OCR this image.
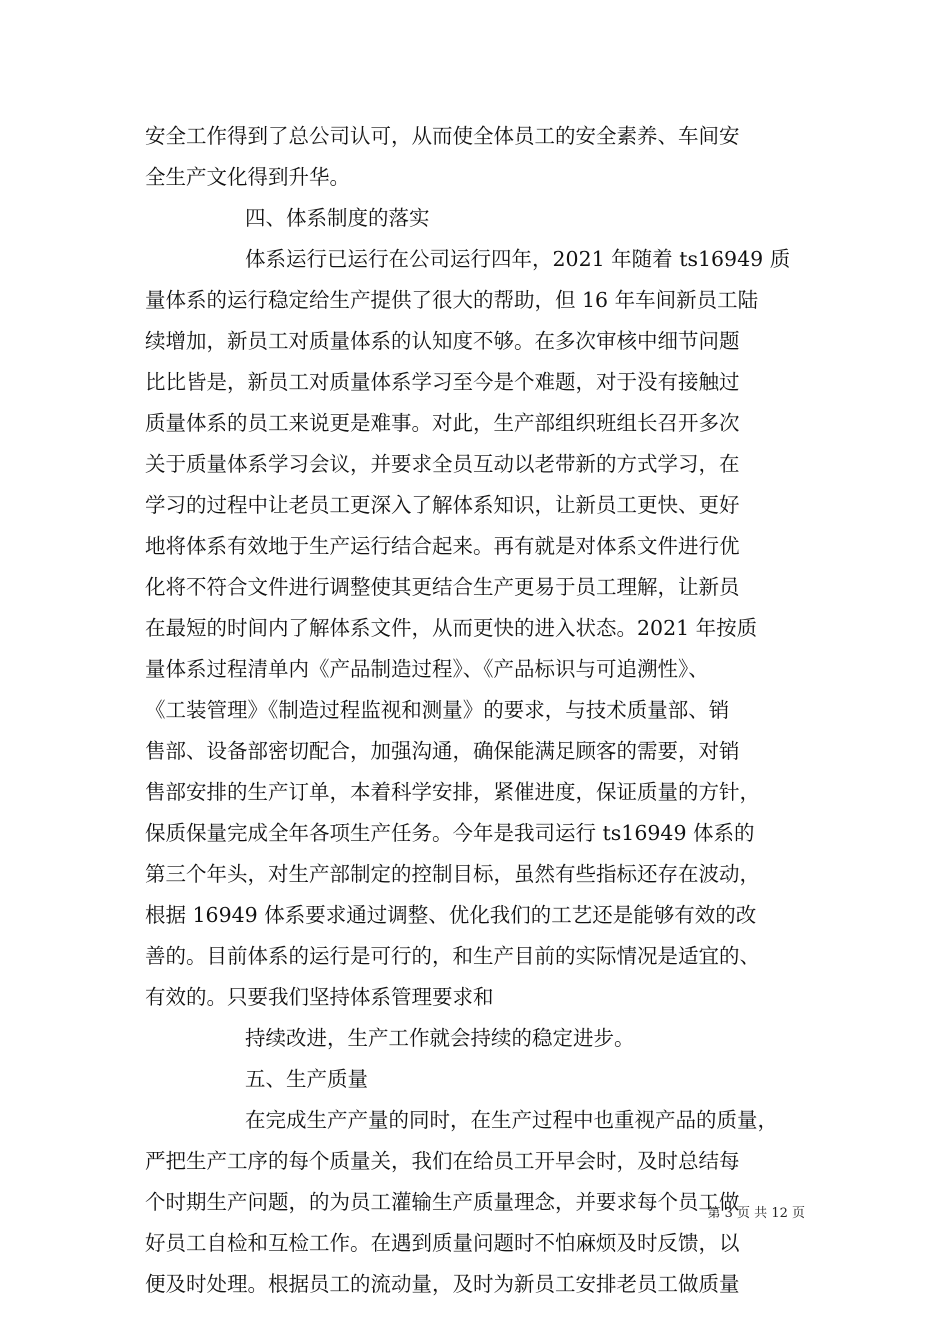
安全工作得到了总公司认可，从而使全体员工的安全素养、车间安
全生产文化得到升华。
四、体系制度的落实
体系运行已运行在公司运行四年，2021 年随着 ts16949 质
量体系的运行稳定给生产提供了很大的帮助，但 16 年车间新员工陆
续增加，新员工对质量体系的认知度不够。在多次审核中细节问题
比比皆是，新员工对质量体系学习至今是个难题，对于没有接触过
质量体系的员工来说更是难事。对此，生产部组织班组长召开多次
关于质量体系学习会议，并要求全员互动以老带新的方式学习，在
学习的过程中让老员工更深入了解体系知识，让新员工更快、更好
地将体系有效地于生产运行结合起来。再有就是对体系文件进行优
化将不符合文件进行调整使其更结合生产更易于员工理解，让新员
在最短的时间内了解体系文件，从而更快的进入状态。2021 年按质
量体系过程清单内《产品制造过程》、《产品标识与可追溯性》、
《工装管理》《制造过程监视和测量》的要求，与技术质量部、销
售部、设备部密切配合，加强沟通，确保能满足顾客的需要，对销
售部安排的生产订单，本着科学安排，紧催进度，保证质量的方针，
保质保量完成全年各项生产任务。今年是我司运行 ts16949 体系的
第三个年头，对生产部制定的控制目标，虽然有些指标还存在波动，
根据 16949 体系要求通过调整、优化我们的工艺还是能够有效的改
善的。目前体系的运行是可行的，和生产目前的实际情况是适宜的、
有效的。只要我们坚持体系管理要求和
持续改进，生产工作就会持续的稳定进步。
五、生产质量
在完成生产产量的同时，在生产过程中也重视产品的质量，
严把生产工序的每个质量关，我们在给员工开早会时，及时总结每
个时期生产问题，的为员工灌输生产质量理念，并要求每个员工做
好员工自检和互检工作。在遇到质量问题时不怕麻烦及时反馈，以
便及时处理。根据员工的流动量，及时为新员工安排老员工做质量
第 3 页 共 12 页
